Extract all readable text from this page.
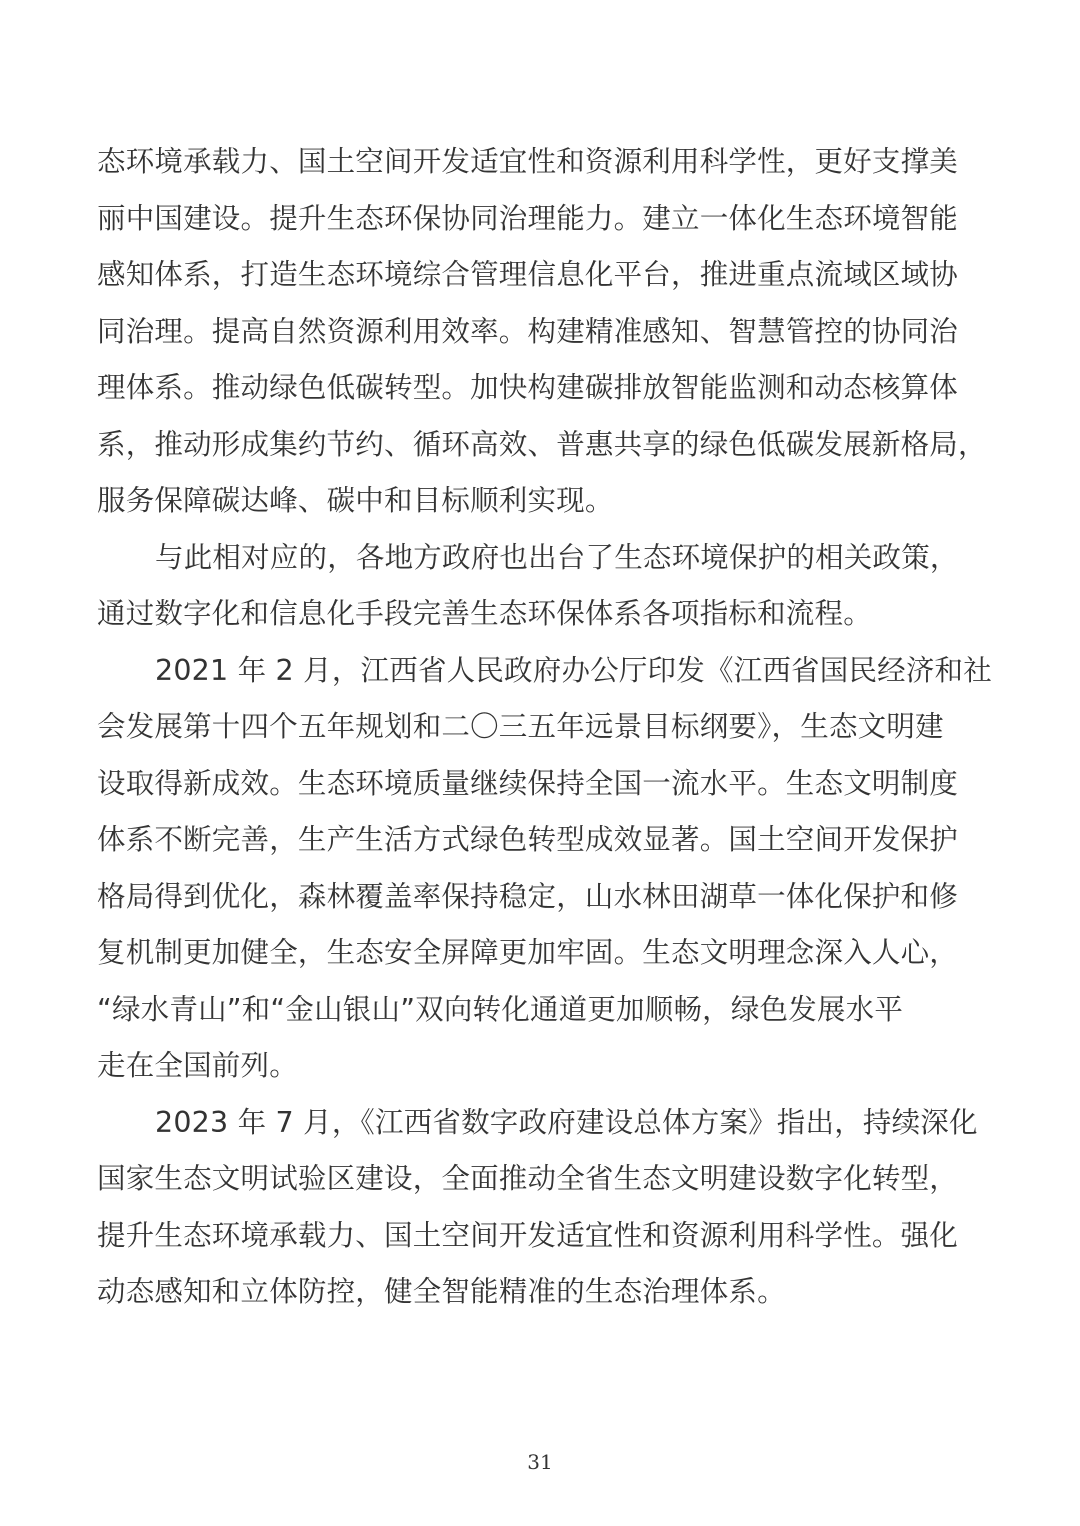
态环境承载力、国土空间开发适宜性和资源利用科学性，更好支撑美
丽中国建设。提升生态环保协同治理能力。建立一体化生态环境智能
感知体系，打造生态环境综合管理信息化平台，推进重点流域区域协
同治理。提高自然资源利用效率。构建精准感知、智慧管控的协同治
理体系。推动绿色低碳转型。加快构建碳排放智能监测和动态核算体
系，推动形成集约节约、循环高效、普惠共享的绿色低碳发展新格局，
服务保障碳达峰、碳中和目标顺利实现。
与此相对应的，各地方政府也出台了生态环境保护的相关政策，
通过数字化和信息化手段完善生态环保体系各项指标和流程。
2021 年 2 月，江西省人民政府办公厅印发《江西省国民经济和社
会发展第十四个五年规划和二〇三五年远景目标纲要》，生态文明建
设取得新成效。生态环境质量继续保持全国一流水平。生态文明制度
体系不断完善，生产生活方式绿色转型成效显著。国土空间开发保护
格局得到优化，森林覆盖率保持稳定，山水林田湖草一体化保护和修
复机制更加健全，生态安全屏障更加牢固。生态文明理念深入人心，
“绿水青山”和“金山银山”双向转化通道更加顺畅，绿色发展水平
走在全国前列。
2023 年 7 月，《江西省数字政府建设总体方案》指出，持续深化
国家生态文明试验区建设，全面推动全省生态文明建设数字化转型，
提升生态环境承载力、国土空间开发适宜性和资源利用科学性。强化
动态感知和立体防控，健全智能精准的生态治理体系。
31
